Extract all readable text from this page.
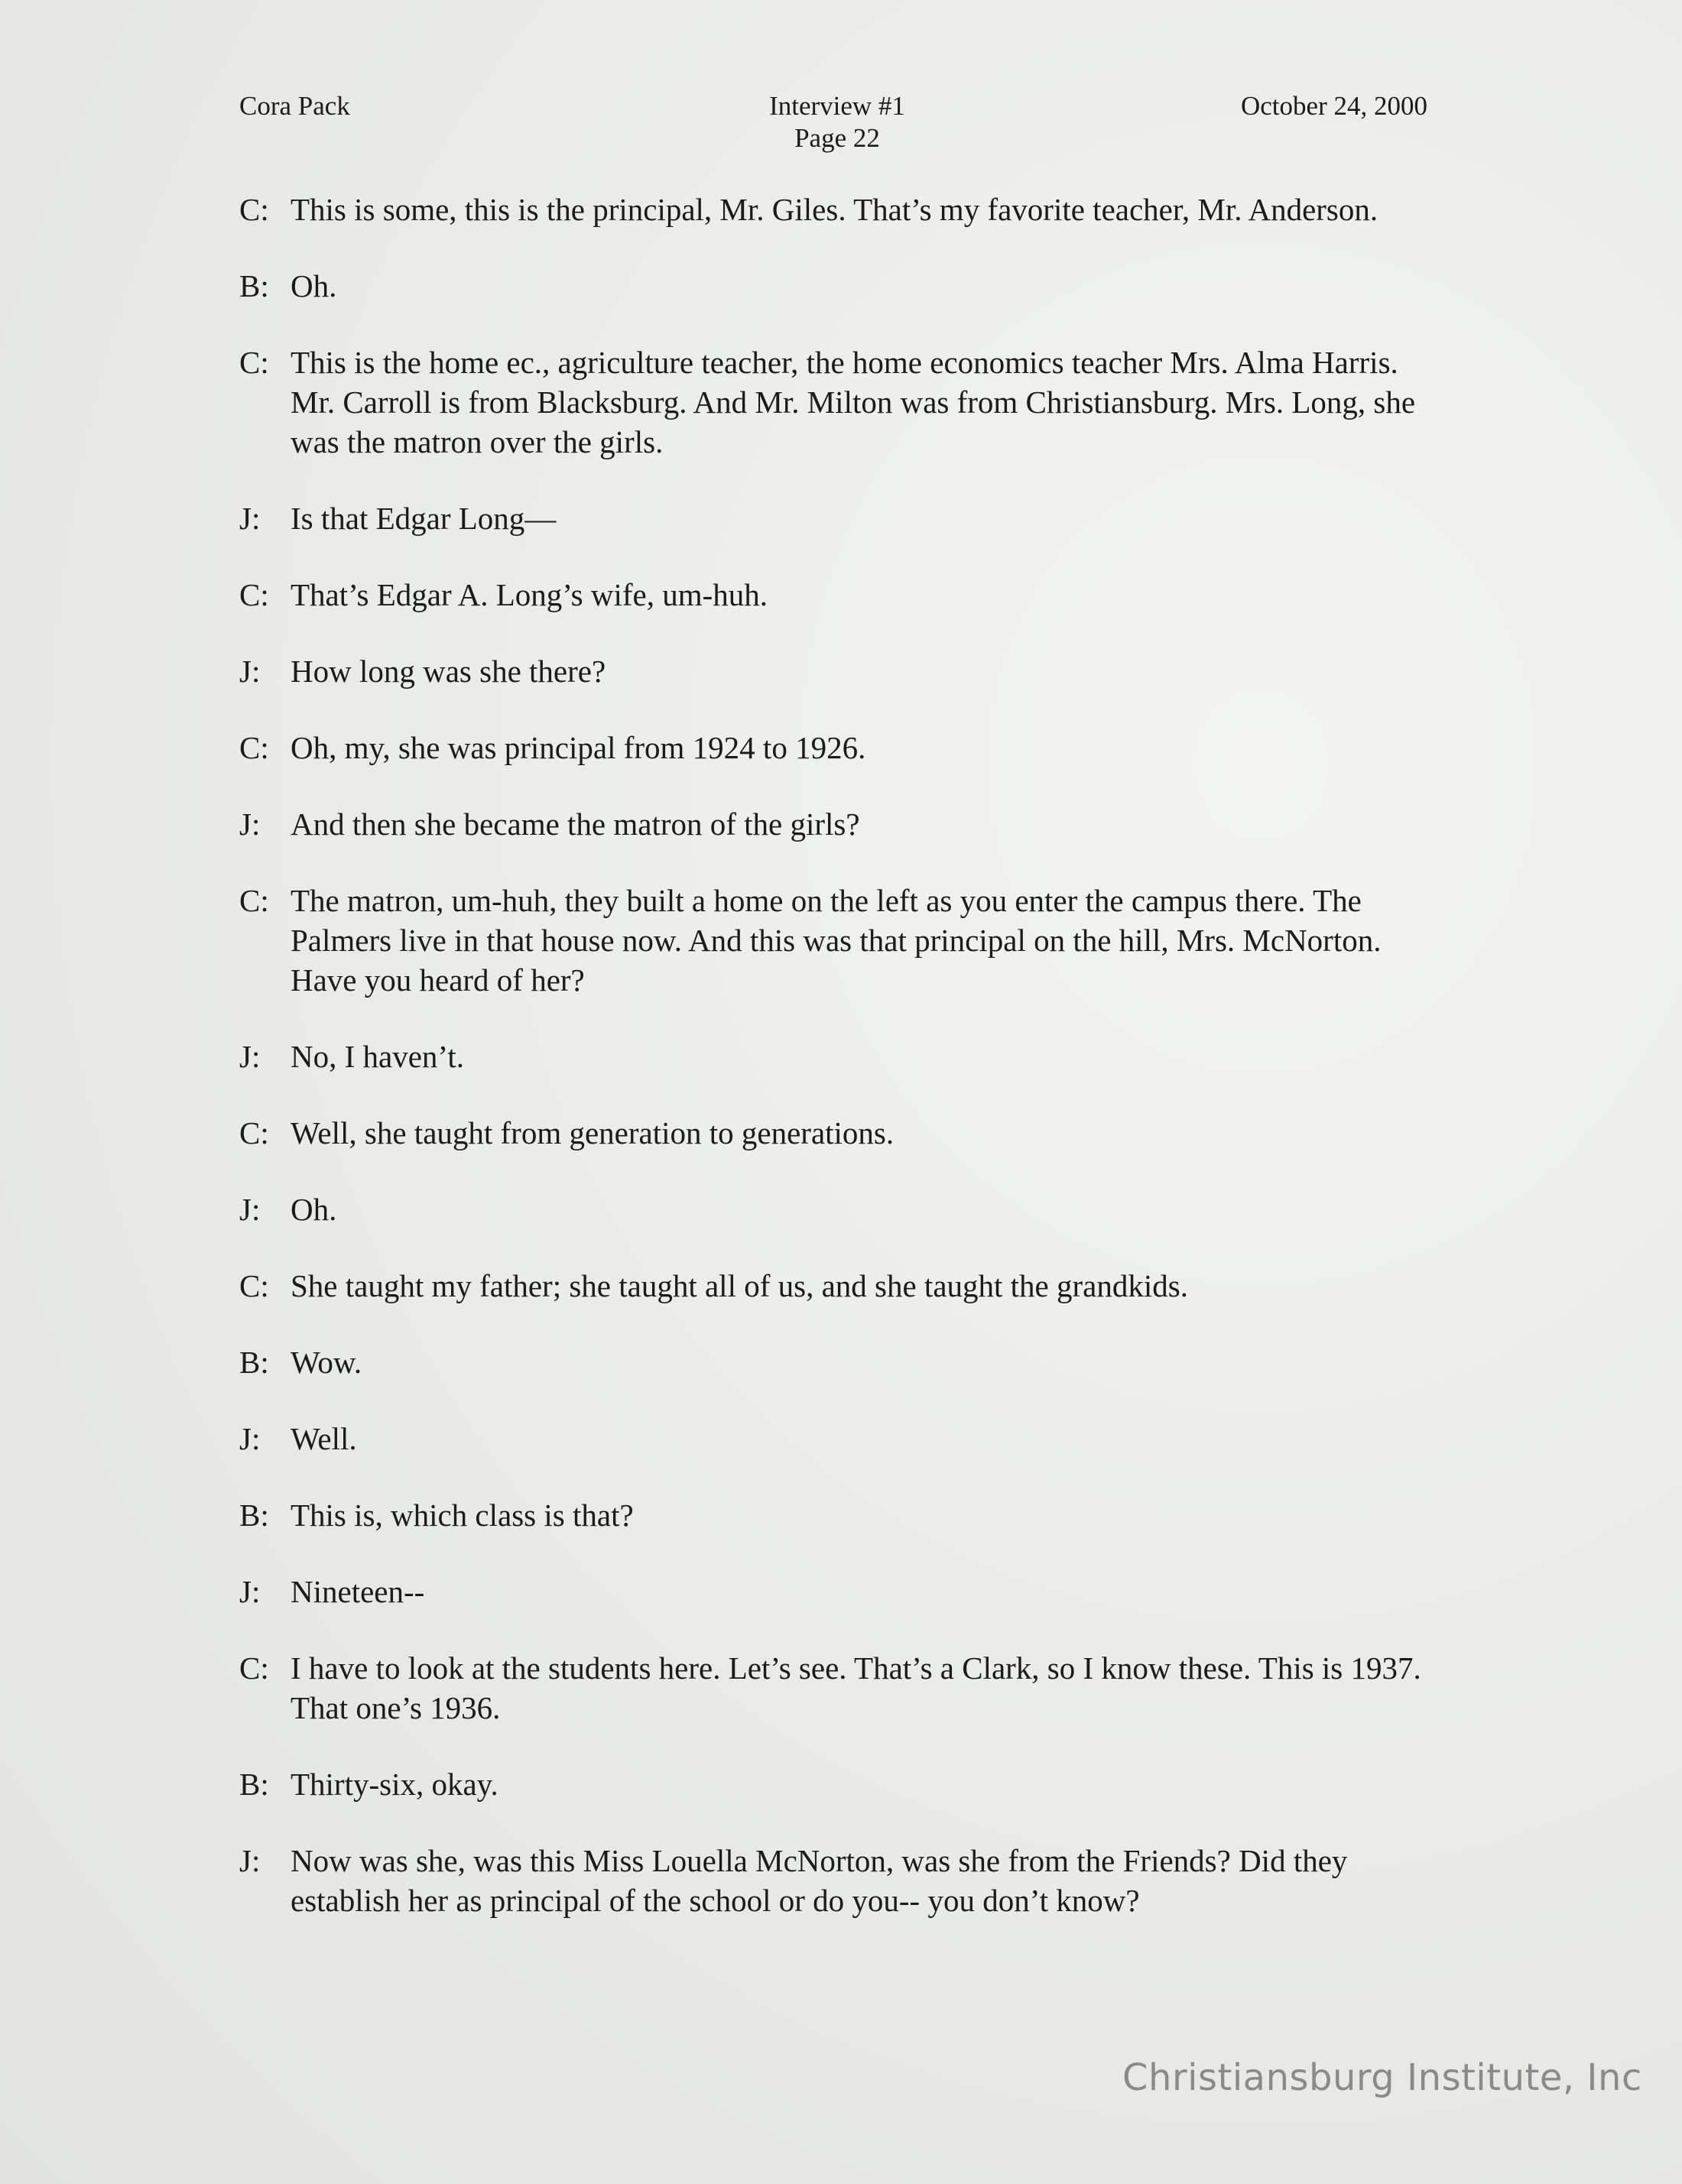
Cora Pack	Interview #1
Page 22
October 24, 2000
C: This is some, this is the principal, Mr. Giles. That’s my favorite teacher, Mr. Anderson.
B: Oh.
C: This is the home ec., agriculture teacher, the home economics teacher Mrs. Alma Harris. Mr. Carroll is from Blacksburg. And Mr. Milton was from Christiansburg. Mrs. Long, she was the matron over the girls.
J: Is that Edgar Long—
C: That’s Edgar A. Long’s wife, um-huh.
J: How long was she there?
C: Oh, my, she was principal from 1924 to 1926.
J: And then she became the matron of the girls?
C: The matron, um-huh, they built a home on the left as you enter the campus there. The Palmers live in that house now. And this was that principal on the hill, Mrs. McNorton. Have you heard of her?
J: No, I haven’t.
C: Well, she taught from generation to generations.
J: Oh.
C: She taught my father; she taught all of us, and she taught the grandkids.
B: Wow.
J: Well.
B: This is, which class is that?
J: Nineteen--
C: I have to look at the students here. Let’s see. That’s a Clark, so I know these. This is 1937. That one’s 1936.
B: Thirty-six, okay.
J: Now was she, was this Miss Louella McNorton, was she from the Friends? Did they establish her as principal of the school or do you-- you don’t know?
Christiansburg Institute, Inc
